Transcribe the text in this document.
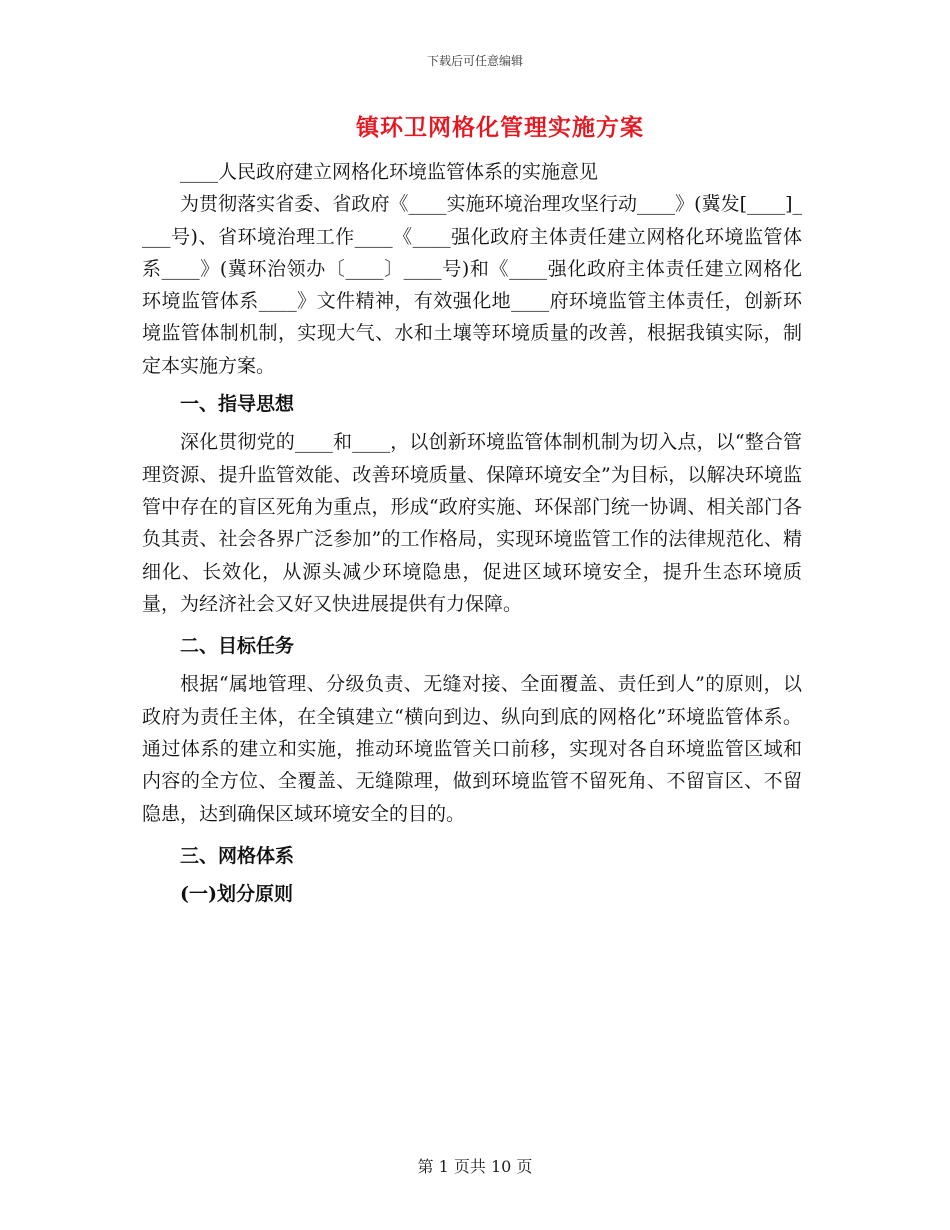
下载后可任意编辑
镇环卫网格化管理实施方案

____人民政府建立网格化环境监管体系的实施意见

为贯彻落实省委、省政府《____实施环境治理攻坚行动____》(冀发[____]____号)、省环境治理工作____《____强化政府主体责任建立网格化环境监管体系____》(冀环治领办〔____〕____号)和《____强化政府主体责任建立网格化环境监管体系____》文件精神，有效强化地____府环境监管主体责任，创新环境监管体制机制，实现大气、水和土壤等环境质量的改善，根据我镇实际，制定本实施方案。

一、指导思想

深化贯彻党的____和____，以创新环境监管体制机制为切入点，以“整合管理资源、提升监管效能、改善环境质量、保障环境安全”为目标，以解决环境监管中存在的盲区死角为重点，形成“政府实施、环保部门统一协调、相关部门各负其责、社会各界广泛参加”的工作格局，实现环境监管工作的法律规范化、精细化、长效化，从源头减少环境隐患，促进区域环境安全，提升生态环境质量，为经济社会又好又快进展提供有力保障。

二、目标任务

根据“属地管理、分级负责、无缝对接、全面覆盖、责任到人”的原则，以政府为责任主体，在全镇建立“横向到边、纵向到底的网格化”环境监管体系。通过体系的建立和实施，推动环境监管关口前移，实现对各自环境监管区域和内容的全方位、全覆盖、无缝隙理，做到环境监管不留死角、不留盲区、不留隐患，达到确保区域环境安全的目的。

三、网格体系

(一)划分原则

第 1 页共 10 页
